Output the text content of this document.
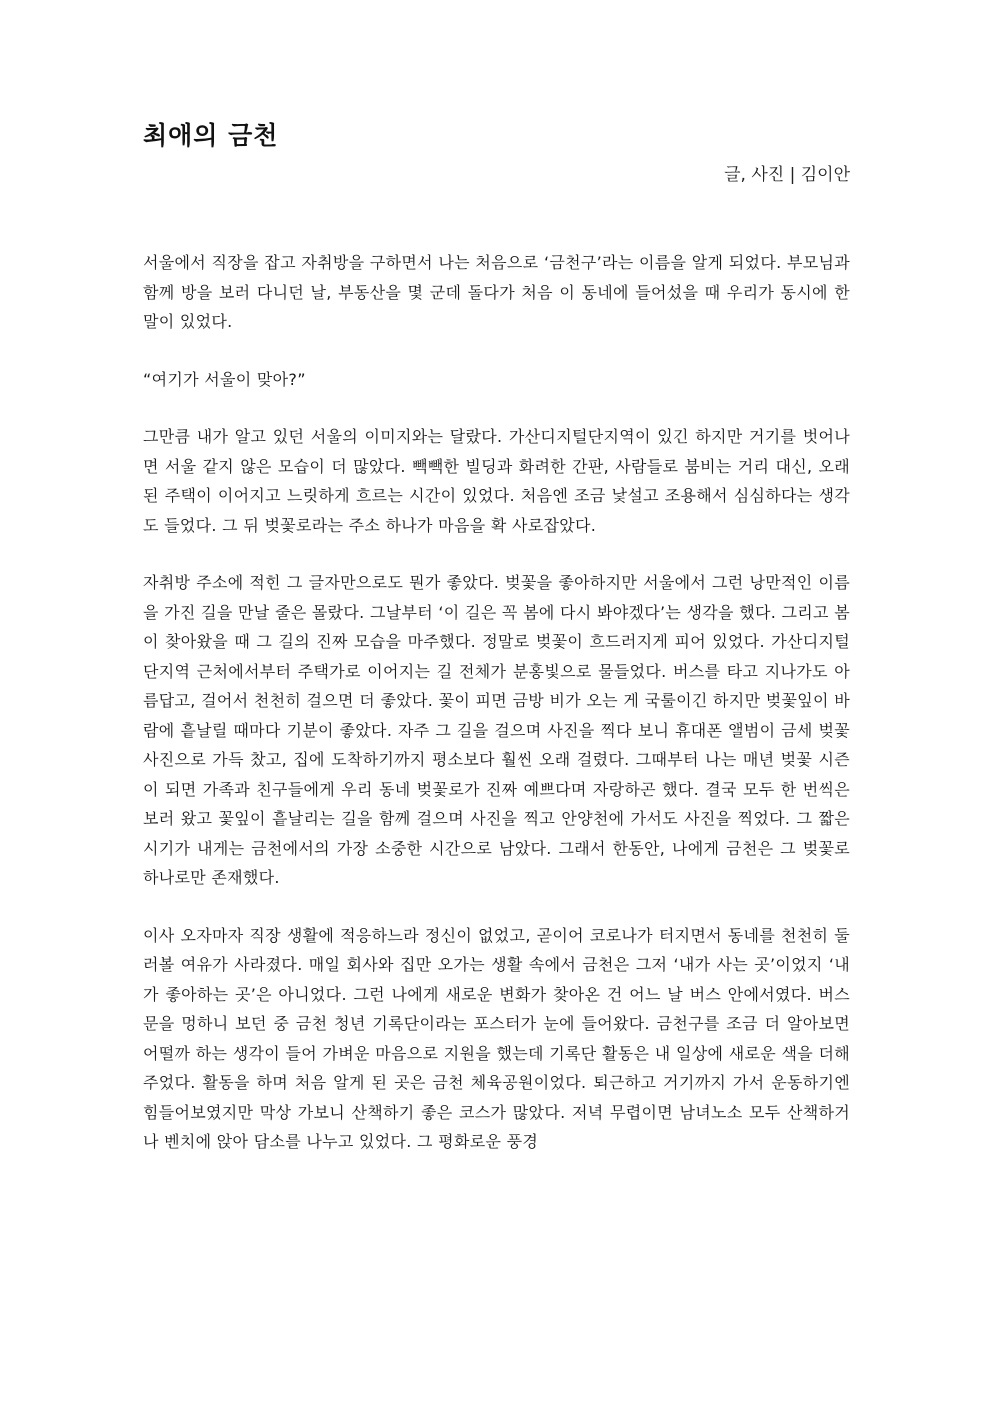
최애의 금천

글, 사진 | 김이안

서울에서 직장을 잡고 자취방을 구하면서 나는 처음으로 ‘금천구’라는 이름을 알게 되었다. 부모님과 함께 방을 보러 다니던 날, 부동산을 몇 군데 돌다가 처음 이 동네에 들어섰을 때 우리가 동시에 한 말이 있었다.

“여기가 서울이 맞아?”

그만큼 내가 알고 있던 서울의 이미지와는 달랐다. 가산디지털단지역이 있긴 하지만 거기를 벗어나면 서울 같지 않은 모습이 더 많았다. 빽빽한 빌딩과 화려한 간판, 사람들로 붐비는 거리 대신, 오래된 주택이 이어지고 느릿하게 흐르는 시간이 있었다. 처음엔 조금 낯설고 조용해서 심심하다는 생각도 들었다. 그 뒤 벚꽃로라는 주소 하나가 마음을 확 사로잡았다.

자취방 주소에 적힌 그 글자만으로도 뭔가 좋았다. 벚꽃을 좋아하지만 서울에서 그런 낭만적인 이름을 가진 길을 만날 줄은 몰랐다. 그날부터 ‘이 길은 꼭 봄에 다시 봐야겠다’는 생각을 했다. 그리고 봄이 찾아왔을 때 그 길의 진짜 모습을 마주했다. 정말로 벚꽃이 흐드러지게 피어 있었다. 가산디지털단지역 근처에서부터 주택가로 이어지는 길 전체가 분홍빛으로 물들었다. 버스를 타고 지나가도 아름답고, 걸어서 천천히 걸으면 더 좋았다. 꽃이 피면 금방 비가 오는 게 국룰이긴 하지만 벚꽃잎이 바람에 흩날릴 때마다 기분이 좋았다. 자주 그 길을 걸으며 사진을 찍다 보니 휴대폰 앨범이 금세 벚꽃 사진으로 가득 찼고, 집에 도착하기까지 평소보다 훨씬 오래 걸렸다. 그때부터 나는 매년 벚꽃 시즌이 되면 가족과 친구들에게 우리 동네 벚꽃로가 진짜 예쁘다며 자랑하곤 했다. 결국 모두 한 번씩은 보러 왔고 꽃잎이 흩날리는 길을 함께 걸으며 사진을 찍고 안양천에 가서도 사진을 찍었다. 그 짧은 시기가 내게는 금천에서의 가장 소중한 시간으로 남았다. 그래서 한동안, 나에게 금천은 그 벚꽃로 하나로만 존재했다.

이사 오자마자 직장 생활에 적응하느라 정신이 없었고, 곧이어 코로나가 터지면서 동네를 천천히 둘러볼 여유가 사라졌다. 매일 회사와 집만 오가는 생활 속에서 금천은 그저 ‘내가 사는 곳’이었지 ‘내가 좋아하는 곳’은 아니었다. 그런 나에게 새로운 변화가 찾아온 건 어느 날 버스 안에서였다. 버스 문을 멍하니 보던 중 금천 청년 기록단이라는 포스터가 눈에 들어왔다. 금천구를 조금 더 알아보면 어떨까 하는 생각이 들어 가벼운 마음으로 지원을 했는데 기록단 활동은 내 일상에 새로운 색을 더해주었다. 활동을 하며 처음 알게 된 곳은 금천 체육공원이었다. 퇴근하고 거기까지 가서 운동하기엔 힘들어보였지만 막상 가보니 산책하기 좋은 코스가 많았다. 저녁 무렵이면 남녀노소 모두 산책하거나 벤치에 앉아 담소를 나누고 있었다. 그 평화로운 풍경
